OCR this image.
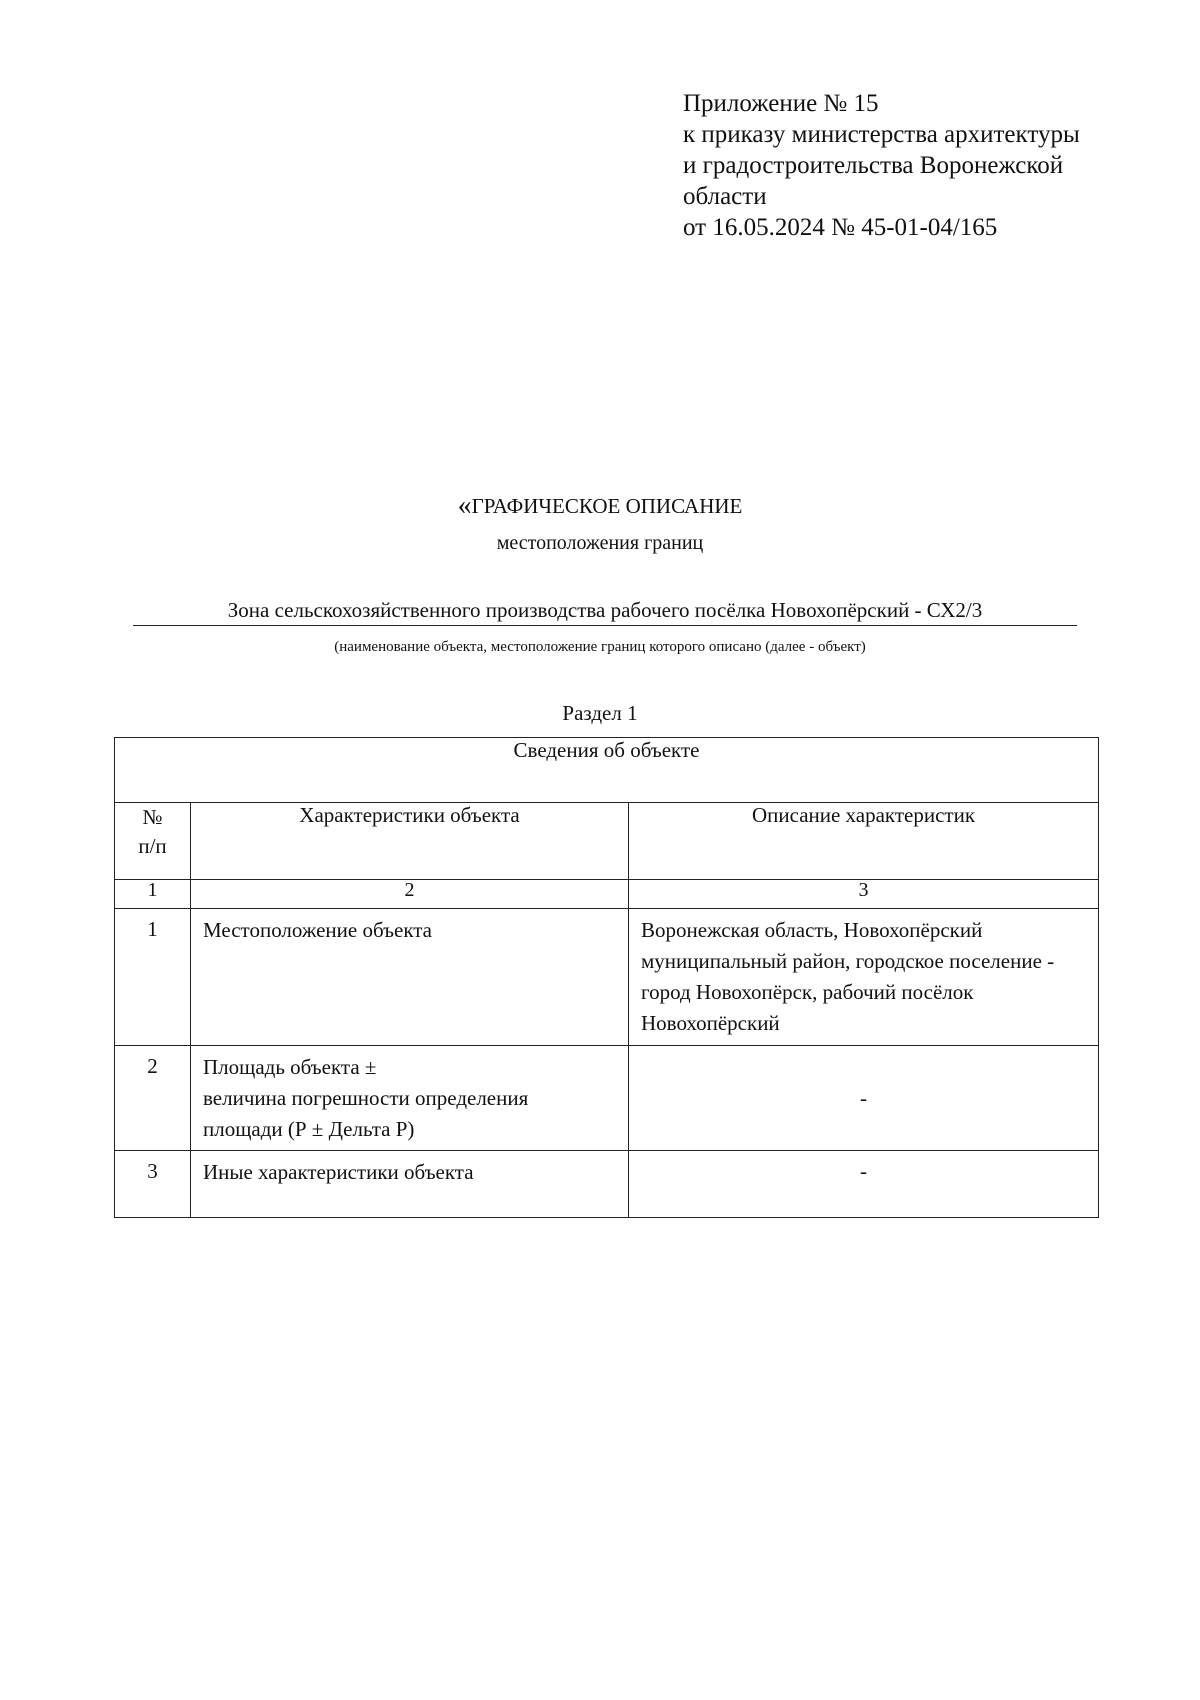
Приложение № 15
к приказу министерства архитектуры
и градостроительства Воронежской
области
от 16.05.2024 № 45-01-04/165
«ГРАФИЧЕСКОЕ ОПИСАНИЕ
местоположения границ
Зона сельскохозяйственного производства рабочего посёлка Новохопёрский - СХ2/3
(наименование объекта, местоположение границ которого описано (далее - объект)
Раздел 1
Сведения об объекте		

№
п/п	Характеристики объекта	Описание характеристик
1	2	3
1	Местоположение объекта	Воронежская область, Новохопёрский муниципальный район, городское поселение - город Новохопёрск, рабочий посёлок Новохопёрский
2	Площадь объекта ±
величина погрешности определения
площади (Р ± Дельта Р)	-
3	Иные характеристики объекта	-
